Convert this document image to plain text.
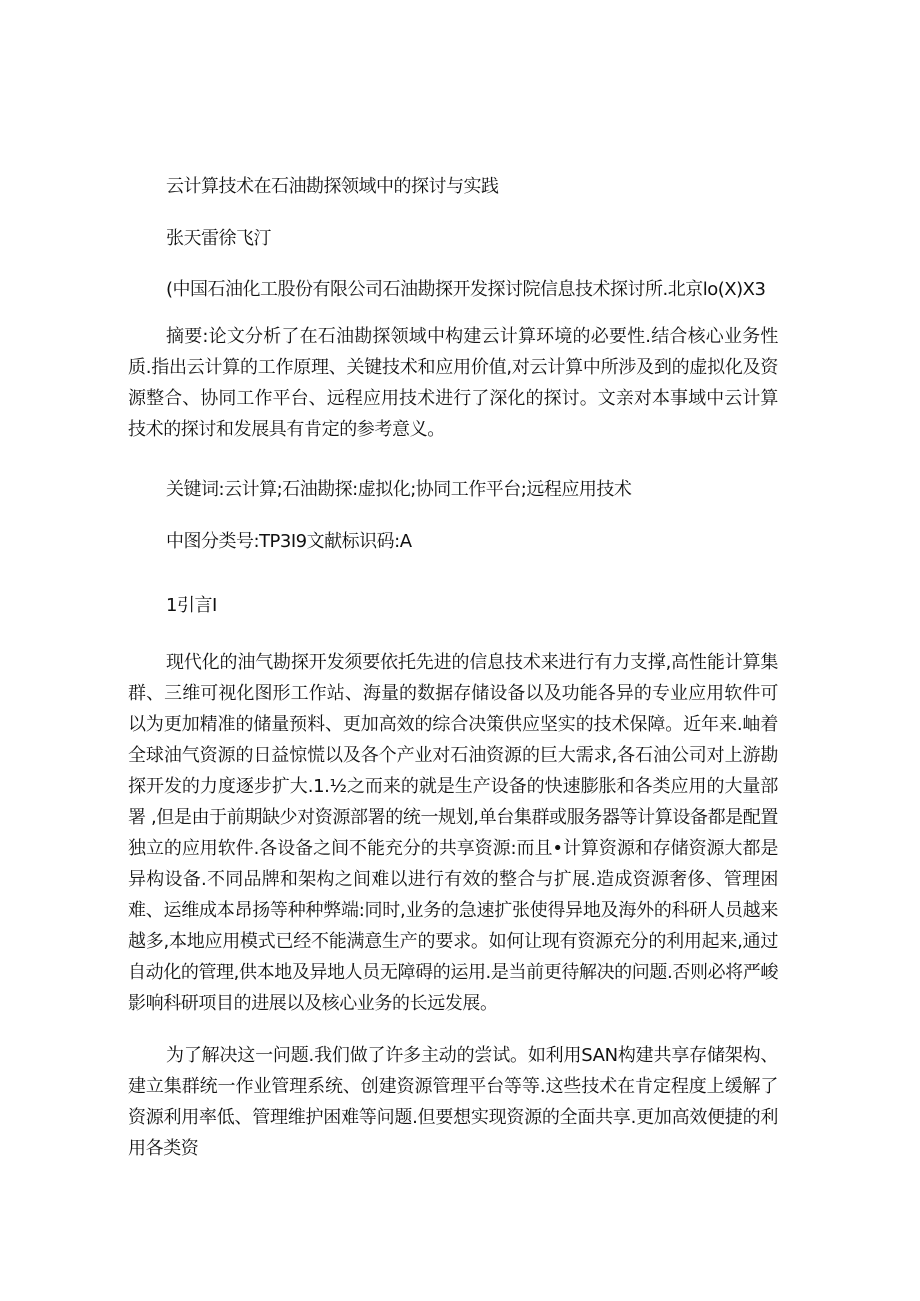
云计算技术在石油勘探领域中的探讨与实践
张天雷徐飞汀
(中国石油化工股份有限公司石油勘探开发探讨院信息技术探讨所.北京lo(X)X3

摘要:论文分析了在石油勘探领域中构建云计算环境的必要性.结合核心业务性质.指出云计算的工作原理、关键技术和应用价值,对云计算中所涉及到的虚拟化及资源整合、协同工作平台、远程应用技术进行了深化的探讨。文亲对本事域中云计算技术的探讨和发展具有肯定的参考意义。

关键词:云计算;石油勘探:虚拟化;协同工作平台;远程应用技术
中图分类号:TP3I9文献标识码:A
1引言I

现代化的油气勘探开发须要依托先进的信息技术来进行有力支撑,高性能计算集群、三维可视化图形工作站、海量的数据存储设备以及功能各异的专业应用软件可以为更加精准的储量预料、更加高效的综合决策供应坚实的技术保障。近年来.岫着全球油气资源的日益惊慌以及各个产业对石油资源的巨大需求,各石油公司对上游勘探开发的力度逐步扩大.1.½之而来的就是生产设备的快速膨胀和各类应用的大量部署 ,但是由于前期缺少对资源部署的统一规划,单台集群或服务器等计算设备都是配置独立的应用软件.各设备之间不能充分的共享资源:而且•计算资源和存储资源大都是异构设备.不同品牌和架构之间难以进行有效的整合与扩展.造成资源奢侈、管理困难、运维成本昂扬等种种弊端:同时,业务的急速扩张使得异地及海外的科研人员越来越多,本地应用模式已经不能满意生产的要求。如何让现有资源充分的利用起来,通过自动化的管理,供本地及异地人员无障碍的运用.是当前更待解决的问题.否则必将严峻影响科研项目的进展以及核心业务的长远发展。

为了解决这一问题.我们做了许多主动的尝试。如利用SAN构建共享存储架构、建立集群统一作业管理系统、创建资源管理平台等等.这些技术在肯定程度上缓解了资源利用率低、管理维护困难等问题.但要想实现资源的全面共享.更加高效便捷的利用各类资
